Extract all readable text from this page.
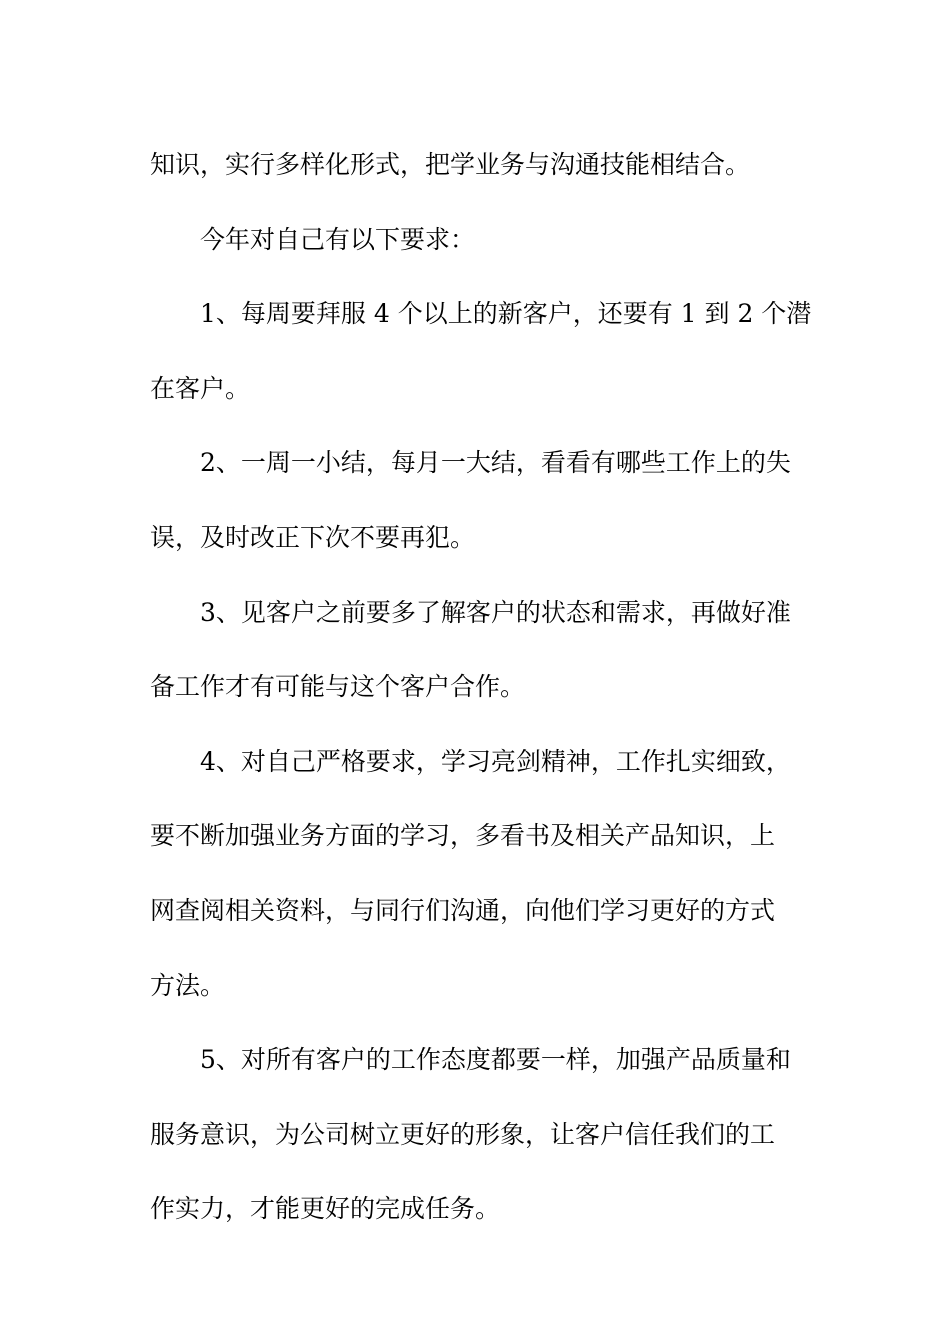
知识，实行多样化形式，把学业务与沟通技能相结合。
今年对自己有以下要求：
1、每周要拜服 4 个以上的新客户，还要有 1 到 2 个潜
在客户。
2、一周一小结，每月一大结，看看有哪些工作上的失
误，及时改正下次不要再犯。
3、见客户之前要多了解客户的状态和需求，再做好准
备工作才有可能与这个客户合作。
4、对自己严格要求，学习亮剑精神，工作扎实细致，
要不断加强业务方面的学习，多看书及相关产品知识，上
网查阅相关资料，与同行们沟通，向他们学习更好的方式
方法。
5、对所有客户的工作态度都要一样，加强产品质量和
服务意识，为公司树立更好的形象，让客户信任我们的工
作实力，才能更好的完成任务。
